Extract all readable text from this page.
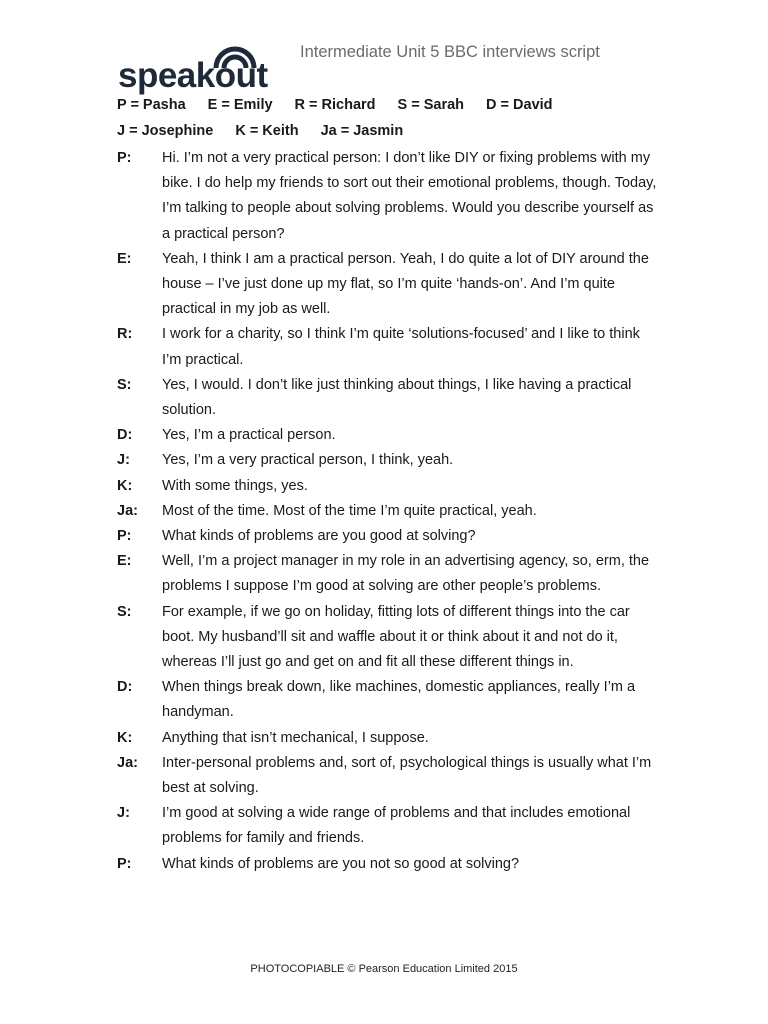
speakout
Intermediate Unit 5 BBC interviews script
P = Pasha E = Emily R = Richard S = Sarah D = David
J = Josephine K = Keith Ja = Jasmin
P:	Hi. I’m not a very practical person: I don’t like DIY or fixing problems with my bike. I do help my friends to sort out their emotional problems, though. Today, I’m talking to people about solving problems. Would you describe yourself as a practical person?
E:	Yeah, I think I am a practical person. Yeah, I do quite a lot of DIY around the house – I’ve just done up my flat, so I’m quite ‘hands-on’. And I’m quite practical in my job as well.
R:	I work for a charity, so I think I’m quite ‘solutions-focused’ and I like to think I’m practical.
S:	Yes, I would. I don’t like just thinking about things, I like having a practical solution.
D:	Yes, I’m a practical person.
J:	Yes, I’m a very practical person, I think, yeah.
K:	With some things, yes.
Ja:	Most of the time. Most of the time I’m quite practical, yeah.
P:	What kinds of problems are you good at solving?
E:	Well, I’m a project manager in my role in an advertising agency, so, erm, the problems I suppose I’m good at solving are other people’s problems.
S:	For example, if we go on holiday, fitting lots of different things into the car boot. My husband’ll sit and waffle about it or think about it and not do it, whereas I’ll just go and get on and fit all these different things in.
D:	When things break down, like machines, domestic appliances, really I’m a handyman.
K:	Anything that isn’t mechanical, I suppose.
Ja:	Inter-personal problems and, sort of, psychological things is usually what I’m best at solving.
J:	I’m good at solving a wide range of problems and that includes emotional problems for family and friends.
P:	What kinds of problems are you not so good at solving?
PHOTOCOPIABLE © Pearson Education Limited 2015
